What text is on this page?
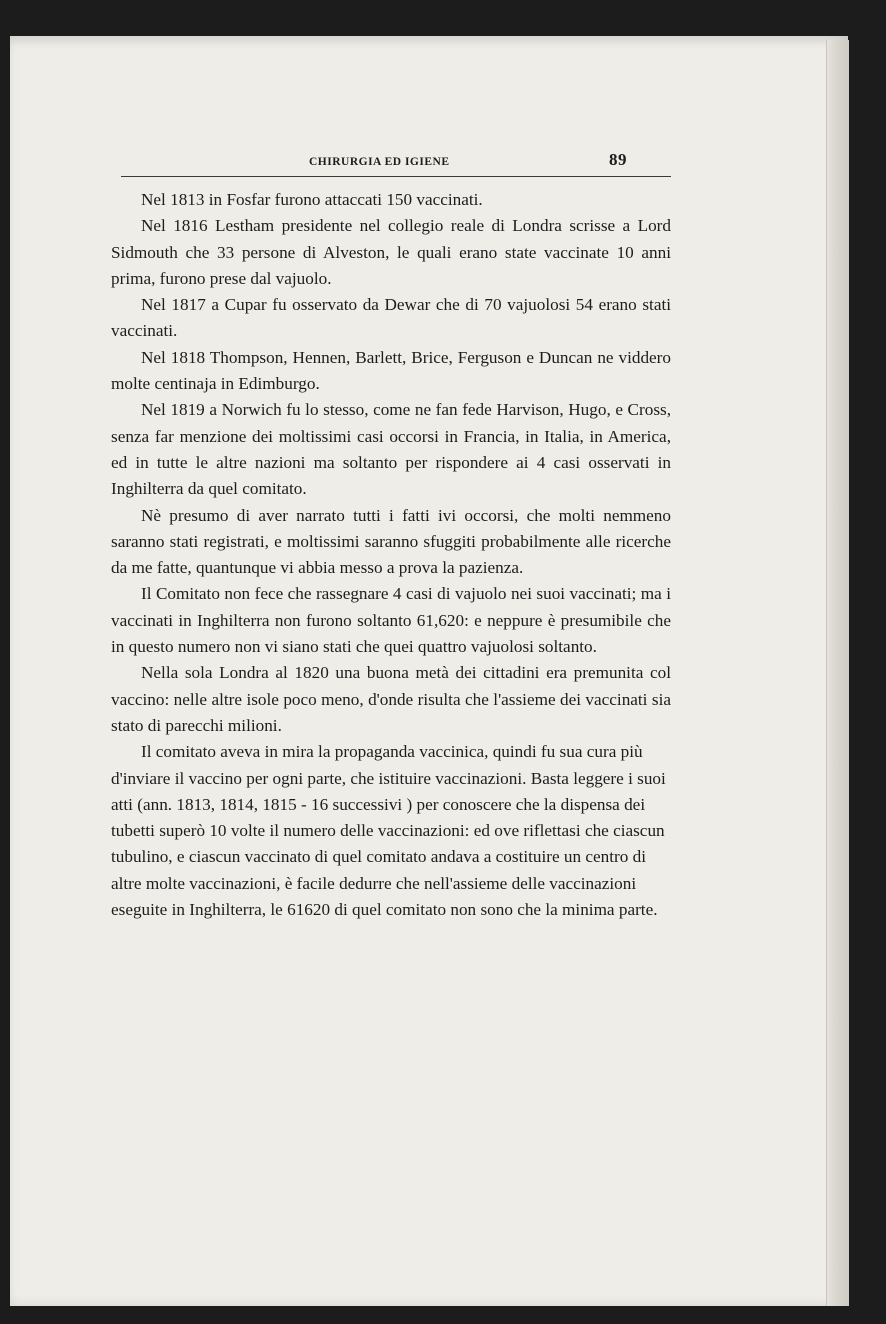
CHIRURGIA ED IGIENE	89

Nel 1813 in Fosfar furono attaccati 150 vaccinati.

Nel 1816 Lestham presidente nel collegio reale di Londra scrisse a Lord Sidmouth che 33 persone di Alveston, le quali erano state vaccinate 10 anni prima, furono prese dal vajuolo.

Nel 1817 a Cupar fu osservato da Dewar che di 70 vajuolosi 54 erano stati vaccinati.

Nel 1818 Thompson, Hennen, Barlett, Brice, Ferguson e Duncan ne viddero molte centinaja in Edimburgo.

Nel 1819 a Norwich fu lo stesso, come ne fan fede Harvison, Hugo, e Cross, senza far menzione dei moltissimi casi occorsi in Francia, in Italia, in America, ed in tutte le altre nazioni ma soltanto per rispondere ai 4 casi osservati in Inghilterra da quel comitato.

Nè presumo di aver narrato tutti i fatti ivi occorsi, che molti nemmeno saranno stati registrati, e moltissimi saranno sfuggiti probabilmente alle ricerche da me fatte, quantunque vi abbia messo a prova la pazienza.

Il Comitato non fece che rassegnare 4 casi di vajuolo nei suoi vaccinati; ma i vaccinati in Inghilterra non furono soltanto 61,620: e neppure è presumibile che in questo numero non vi siano stati che quei quattro vajuolosi soltanto.

Nella sola Londra al 1820 una buona metà dei cittadini era premunita col vaccino: nelle altre isole poco meno, d'onde risulta che l'assieme dei vaccinati sia stato di parecchi milioni.

Il comitato aveva in mira la propaganda vaccinica, quindi fu sua cura più d'inviare il vaccino per ogni parte, che istituire vaccinazioni. Basta leggere i suoi atti (ann. 1813, 1814, 1815 - 16 successivi ) per conoscere che la dispensa dei tubetti superò 10 volte il numero delle vaccinazioni: ed ove riflettasi che ciascun tubulino, e ciascun vaccinato di quel comitato andava a costituire un centro di altre molte vaccinazioni, è facile dedurre che nell'assieme delle vaccinazioni eseguite in Inghilterra, le 61620 di quel comitato non sono che la minima parte.
